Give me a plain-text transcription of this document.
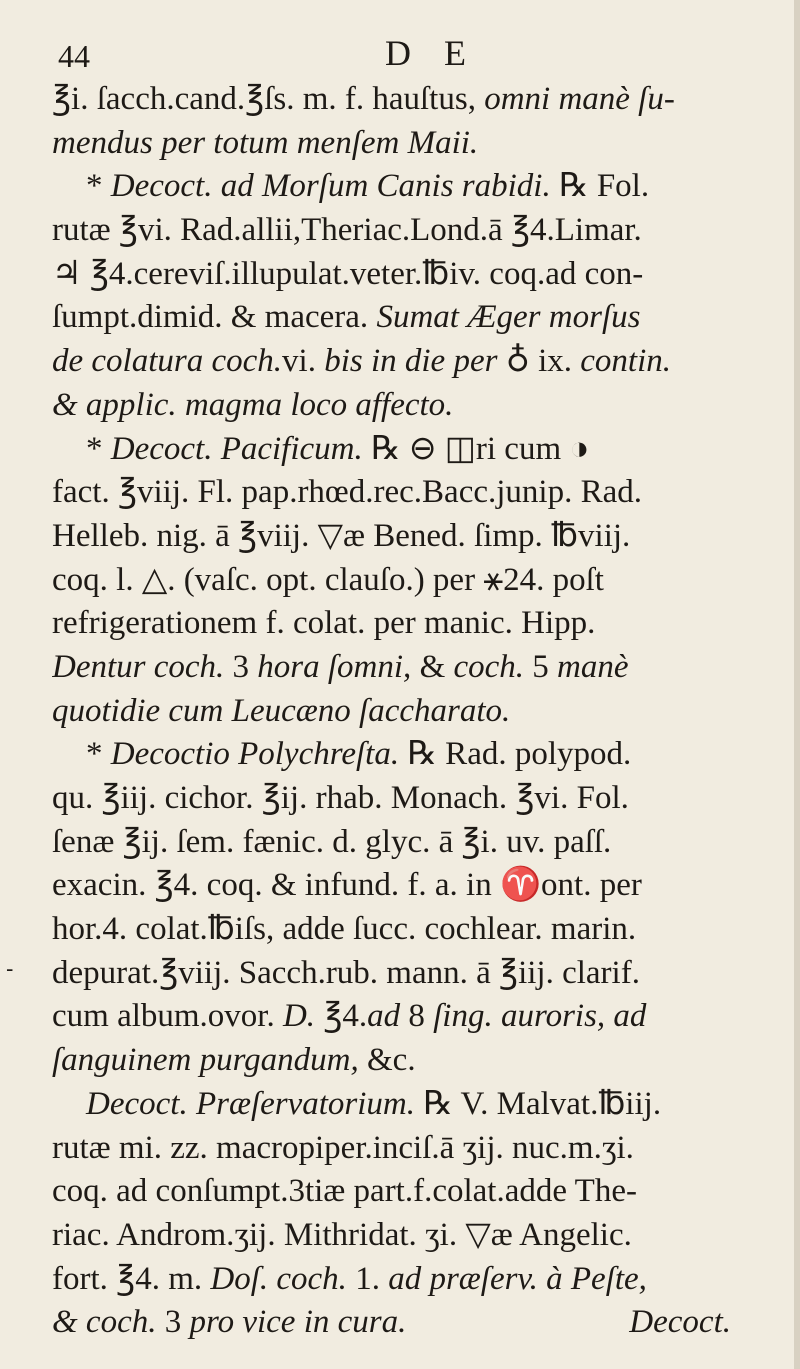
44	D E
-
℥i. ſacch.cand.℥ſs. m. f. hauſtus, omni manè ſu-
mendus per totum menſem Maii.
* Decoct. ad Morſum Canis rabidi. ℞ Fol.
rutæ ℥vi. Rad.allii,Theriac.Lond.ā ℥4.Limar.
♃ ℥4.cereviſ.illupulat.veter.℔iv. coq.ad con-
ſumpt.dimid. & macera. Sumat Æger morſus
de colatura coch.vi. bis in die per ♁ ix. contin.
& applic. magma loco affecto.
* Decoct. Pacificum. ℞ ⊖ ◫ri cum ◑
fact. ℥viij. Fl. pap.rhœd.rec.Bacc.junip. Rad.
Helleb. nig. ā ℥viij. ▽æ Bened. ſimp. ℔viij.
coq. l. △. (vaſc. opt. clauſo.) per ⚹24. poſt
refrigerationem f. colat. per manic. Hipp.
Dentur coch. 3 hora ſomni, & coch. 5 manè
quotidie cum Leucæno ſaccharato.
* Decoctio Polychreſta. ℞ Rad. polypod.
qu. ℥iij. cichor. ℥ij. rhab. Monach. ℥vi. Fol.
ſenæ ℥ij. ſem. fænic. d. glyc. ā ℥i. uv. paſſ.
exacin. ℥4. coq. & infund. f. a. in ♈ont. per
hor.4. colat.℔iſs, adde ſucc. cochlear. marin.
depurat.℥viij. Sacch.rub. mann. ā ℥iij. clarif.
cum album.ovor. D. ℥4.ad 8 ſing. auroris, ad
ſanguinem purgandum, &c.
Decoct. Præſervatorium. ℞ V. Malvat.℔iij.
rutæ mi. zz. macropiper.inciſ.ā ʒij. nuc.m.ʒi.
coq. ad conſumpt.3tiæ part.f.colat.adde The-
riac. Androm.ʒij. Mithridat. ʒi. ▽æ Angelic.
fort. ℥4. m. Doſ. coch. 1. ad præſerv. à Peſte,
& coch. 3 pro vice in cura.	Decoct.
